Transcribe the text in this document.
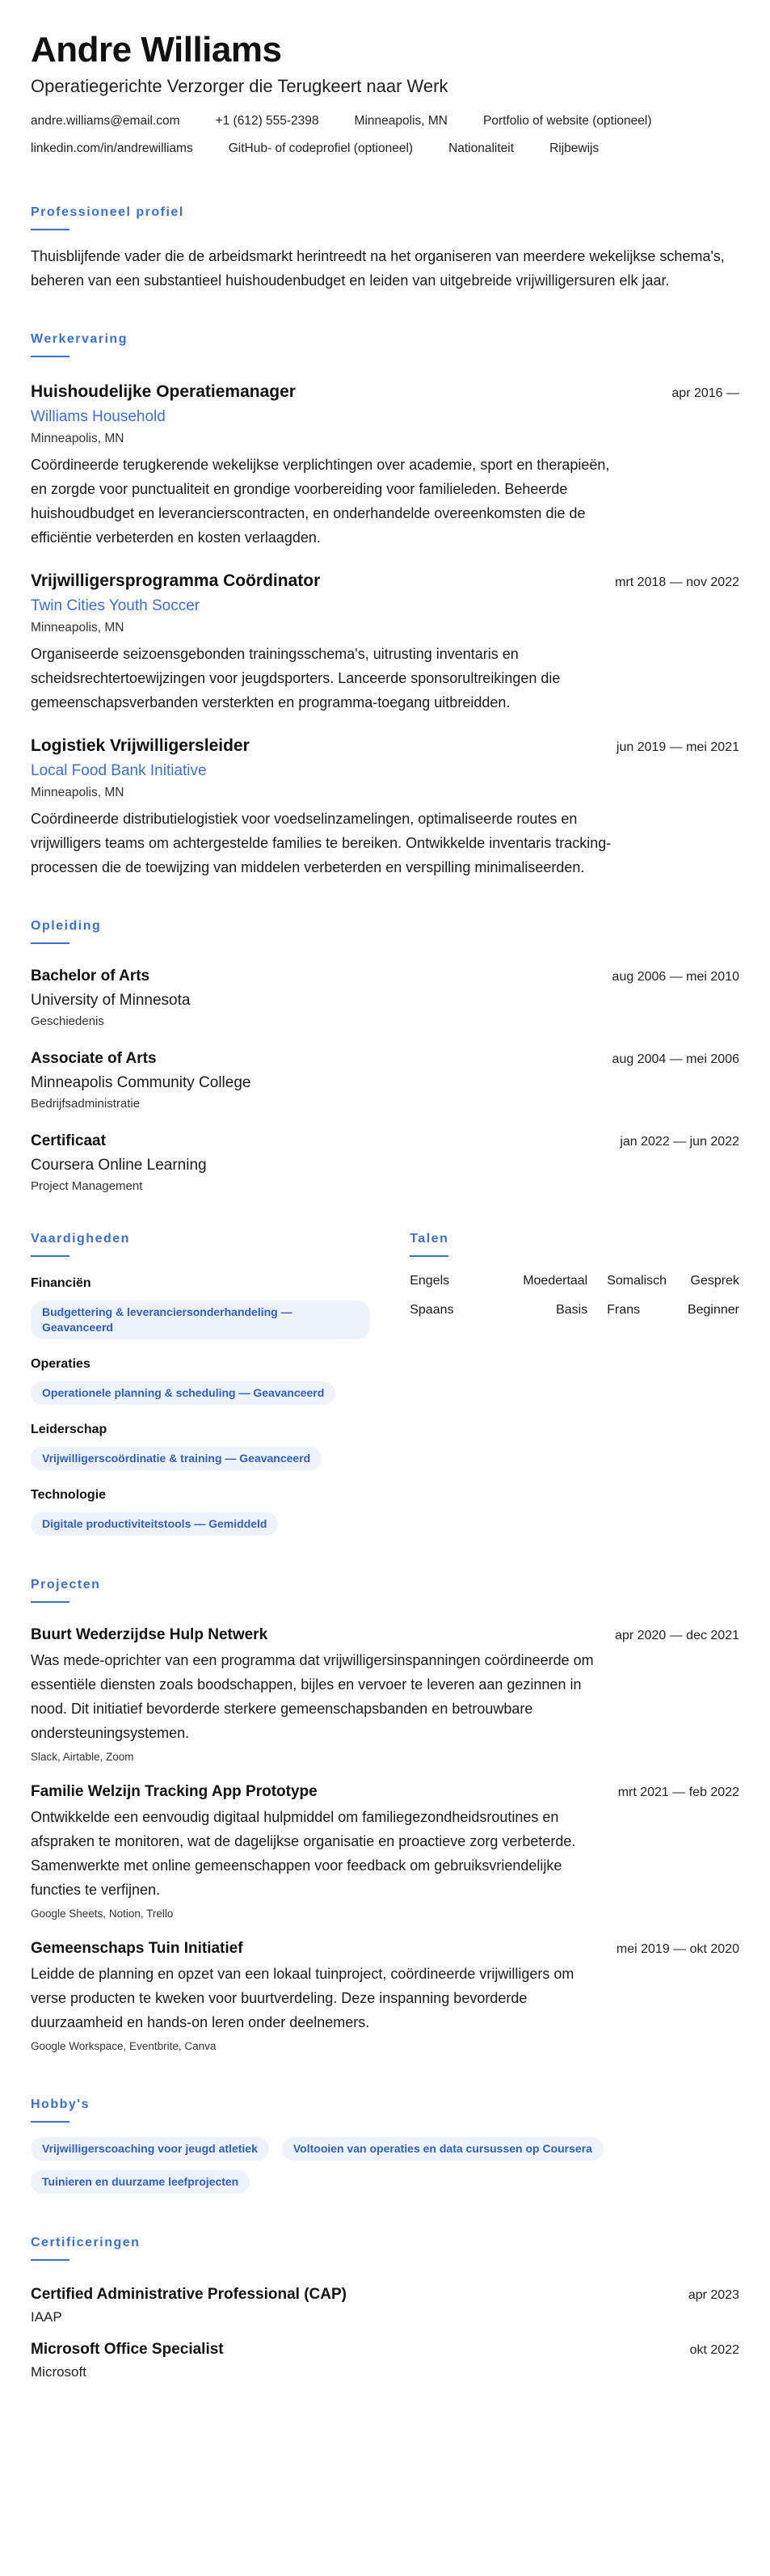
Andre Williams
Operatiegerichte Verzorger die Terugkeert naar Werk
andre.williams@email.com	+1 (612) 555-2398	Minneapolis, MN	Portfolio of website (optioneel)
linkedin.com/in/andrewilliams	GitHub- of codeprofiel (optioneel)	Nationaliteit	Rijbewijs
Professioneel profiel
Thuisblijfende vader die de arbeidsmarkt herintreedt na het organiseren van meerdere wekelijkse schema's, beheren van een substantieel huishoudenbudget en leiden van uitgebreide vrijwilligersuren elk jaar.
Werkervaring
Huishoudelijke Operatiemanager	apr 2016 —
Williams Household
Minneapolis, MN
Coördineerde terugkerende wekelijkse verplichtingen over academie, sport en therapieën, en zorgde voor punctualiteit en grondige voorbereiding voor familieleden. Beheerde huishoudbudget en leverancierscontracten, en onderhandelde overeenkomsten die de efficiëntie verbeterden en kosten verlaagden.
Vrijwilligersprogramma Coördinator	mrt 2018 — nov 2022
Twin Cities Youth Soccer
Minneapolis, MN
Organiseerde seizoensgebonden trainingsschema's, uitrusting inventaris en scheidsrechtertoewijzingen voor jeugdsporters. Lanceerde sponsorultreikingen die gemeenschapsverbanden versterkten en programma-toegang uitbreidden.
Logistiek Vrijwilligersleider	jun 2019 — mei 2021
Local Food Bank Initiative
Minneapolis, MN
Coördineerde distributielogistiek voor voedselinzamelingen, optimaliseerde routes en vrijwilligers teams om achtergestelde families te bereiken. Ontwikkelde inventaris tracking-processen die de toewijzing van middelen verbeterden en verspilling minimaliseerden.
Opleiding
Bachelor of Arts	aug 2006 — mei 2010
University of Minnesota
Geschiedenis
Associate of Arts	aug 2004 — mei 2006
Minneapolis Community College
Bedrijfsadministratie
Certificaat	jan 2022 — jun 2022
Coursera Online Learning
Project Management
Vaardigheden
Financiën
Budgettering & leveranciersonderhandeling — Geavanceerd
Operaties
Operationele planning & scheduling — Geavanceerd
Leiderschap
Vrijwilligerscoördinatie & training — Geavanceerd
Technologie
Digitale productiviteitstools — Gemiddeld
Talen
Engels	Moedertaal	Somalisch	Gesprek
Spaans	Basis	Frans	Beginner
Projecten
Buurt Wederzijdse Hulp Netwerk	apr 2020 — dec 2021
Was mede-oprichter van een programma dat vrijwilligersinspanningen coördineerde om essentiële diensten zoals boodschappen, bijles en vervoer te leveren aan gezinnen in nood. Dit initiatief bevorderde sterkere gemeenschapsbanden en betrouwbare ondersteuningsystemen.
Slack, Airtable, Zoom
Familie Welzijn Tracking App Prototype	mrt 2021 — feb 2022
Ontwikkelde een eenvoudig digitaal hulpmiddel om familiegezondheidsroutines en afspraken te monitoren, wat de dagelijkse organisatie en proactieve zorg verbeterde. Samenwerkte met online gemeenschappen voor feedback om gebruiksvriendelijke functies te verfijnen.
Google Sheets, Notion, Trello
Gemeenschaps Tuin Initiatief	mei 2019 — okt 2020
Leidde de planning en opzet van een lokaal tuinproject, coördineerde vrijwilligers om verse producten te kweken voor buurtverdeling. Deze inspanning bevorderde duurzaamheid en hands-on leren onder deelnemers.
Google Workspace, Eventbrite, Canva
Hobby's
Vrijwilligerscoaching voor jeugd atletiek	Voltooien van operaties en data cursussen op Coursera
Tuinieren en duurzame leefprojecten
Certificeringen
Certified Administrative Professional (CAP)	apr 2023
IAAP
Microsoft Office Specialist	okt 2022
Microsoft
